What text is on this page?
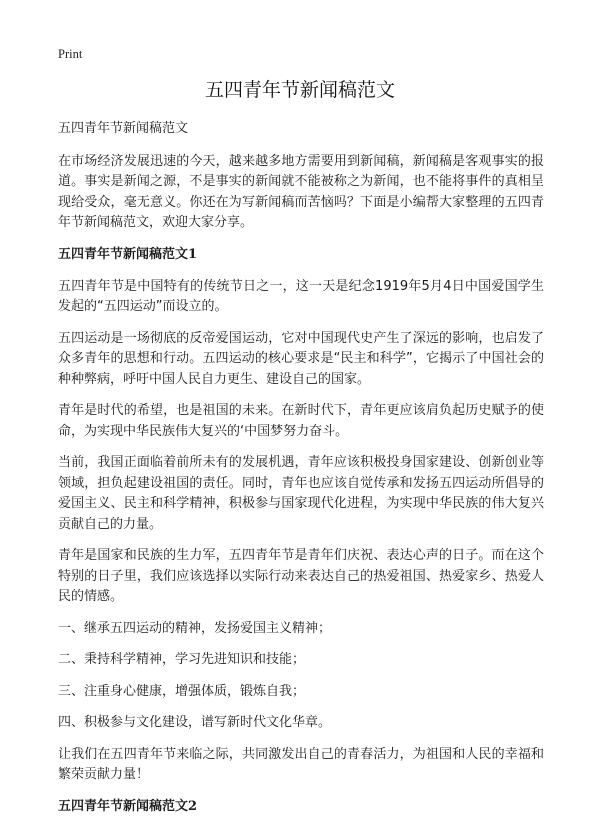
Print
五四青年节新闻稿范文

五四青年节新闻稿范文

在市场经济发展迅速的今天，越来越多地方需要用到新闻稿，新闻稿是客观事实的报道。事实是新闻之源，不是事实的新闻就不能被称之为新闻，也不能将事件的真相呈现给受众，毫无意义。你还在为写新闻稿而苦恼吗？下面是小编帮大家整理的五四青年节新闻稿范文，欢迎大家分享。

五四青年节新闻稿范文1

五四青年节是中国特有的传统节日之一，这一天是纪念1919年5月4日中国爱国学生发起的“五四运动”而设立的。

五四运动是一场彻底的反帝爱国运动，它对中国现代史产生了深远的影响，也启发了众多青年的思想和行动。五四运动的核心要求是“民主和科学”，它揭示了中国社会的种种弊病，呼吁中国人民自力更生、建设自己的国家。

青年是时代的希望，也是祖国的未来。在新时代下，青年更应该肩负起历史赋予的使命，为实现中华民族伟大复兴的‘中国梦努力奋斗。

当前，我国正面临着前所未有的发展机遇，青年应该积极投身国家建设、创新创业等领域，担负起建设祖国的责任。同时，青年也应该自觉传承和发扬五四运动所倡导的爱国主义、民主和科学精神，积极参与国家现代化进程，为实现中华民族的伟大复兴贡献自己的力量。

青年是国家和民族的生力军，五四青年节是青年们庆祝、表达心声的日子。而在这个特别的日子里，我们应该选择以实际行动来表达自己的热爱祖国、热爱家乡、热爱人民的情感。

一、继承五四运动的精神，发扬爱国主义精神；
二、秉持科学精神，学习先进知识和技能；
三、注重身心健康，增强体质，锻炼自我；
四、积极参与文化建设，谱写新时代文化华章。

让我们在五四青年节来临之际，共同激发出自己的青春活力，为祖国和人民的幸福和繁荣贡献力量！

五四青年节新闻稿范文2
